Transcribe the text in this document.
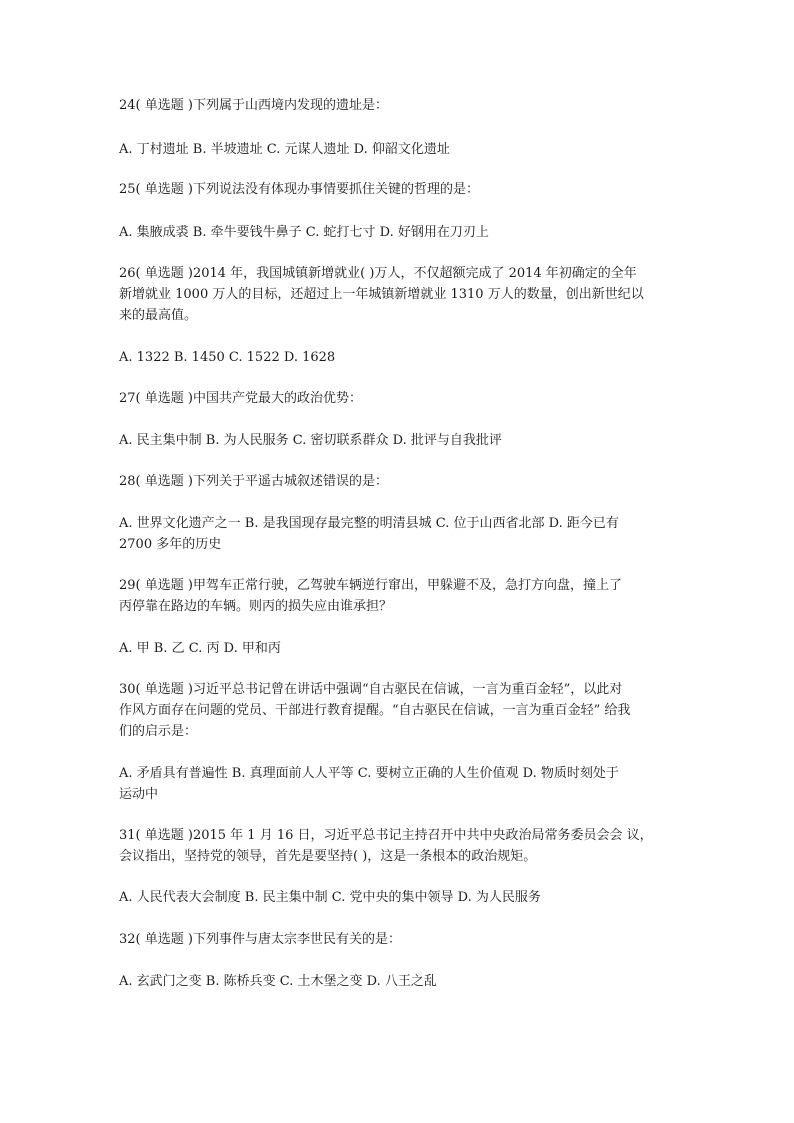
24( 单选题 )下列属于山西境内发现的遗址是：
A. 丁村遗址 B. 半坡遗址 C. 元谋人遗址 D. 仰韶文化遗址
25( 单选题 )下列说法没有体现办事情要抓住关键的哲理的是：
A. 集腋成裘 B. 牵牛要钱牛鼻子 C. 蛇打七寸 D. 好钢用在刀刃上
26( 单选题 )2014 年，我国城镇新增就业( )万人，不仅超额完成了 2014 年初确定的全年
新增就业 1000 万人的目标，还超过上一年城镇新增就业 1310 万人的数量，创出新世纪以
来的最高值。
A. 1322 B. 1450 C. 1522 D. 1628
27( 单选题 )中国共产党最大的政治优势：
A. 民主集中制 B. 为人民服务 C. 密切联系群众 D. 批评与自我批评
28( 单选题 )下列关于平遥古城叙述错误的是：
A. 世界文化遗产之一 B. 是我国现存最完整的明清县城 C. 位于山西省北部 D. 距今已有
2700 多年的历史
29( 单选题 )甲驾车正常行驶，乙驾驶车辆逆行窜出，甲躲避不及，急打方向盘，撞上了
丙停靠在路边的车辆。则丙的损失应由谁承担？
A. 甲 B. 乙 C. 丙 D. 甲和丙
30( 单选题 )习近平总书记曾在讲话中强调“自古驱民在信诚，一言为重百金轻”，以此对
作风方面存在问题的党员、干部进行教育提醒。“自古驱民在信诚，一言为重百金轻” 给我
们的启示是：
A. 矛盾具有普遍性 B. 真理面前人人平等 C. 要树立正确的人生价值观 D. 物质时刻处于
运动中
31( 单选题 )2015 年 1 月 16 日，习近平总书记主持召开中共中央政治局常务委员会会 议，
会议指出，坚持党的领导，首先是要坚持( )，这是一条根本的政治规矩。
A. 人民代表大会制度 B. 民主集中制 C. 党中央的集中领导 D. 为人民服务
32( 单选题 )下列事件与唐太宗李世民有关的是：
A. 玄武门之变 B. 陈桥兵变 C. 土木堡之变 D. 八王之乱
